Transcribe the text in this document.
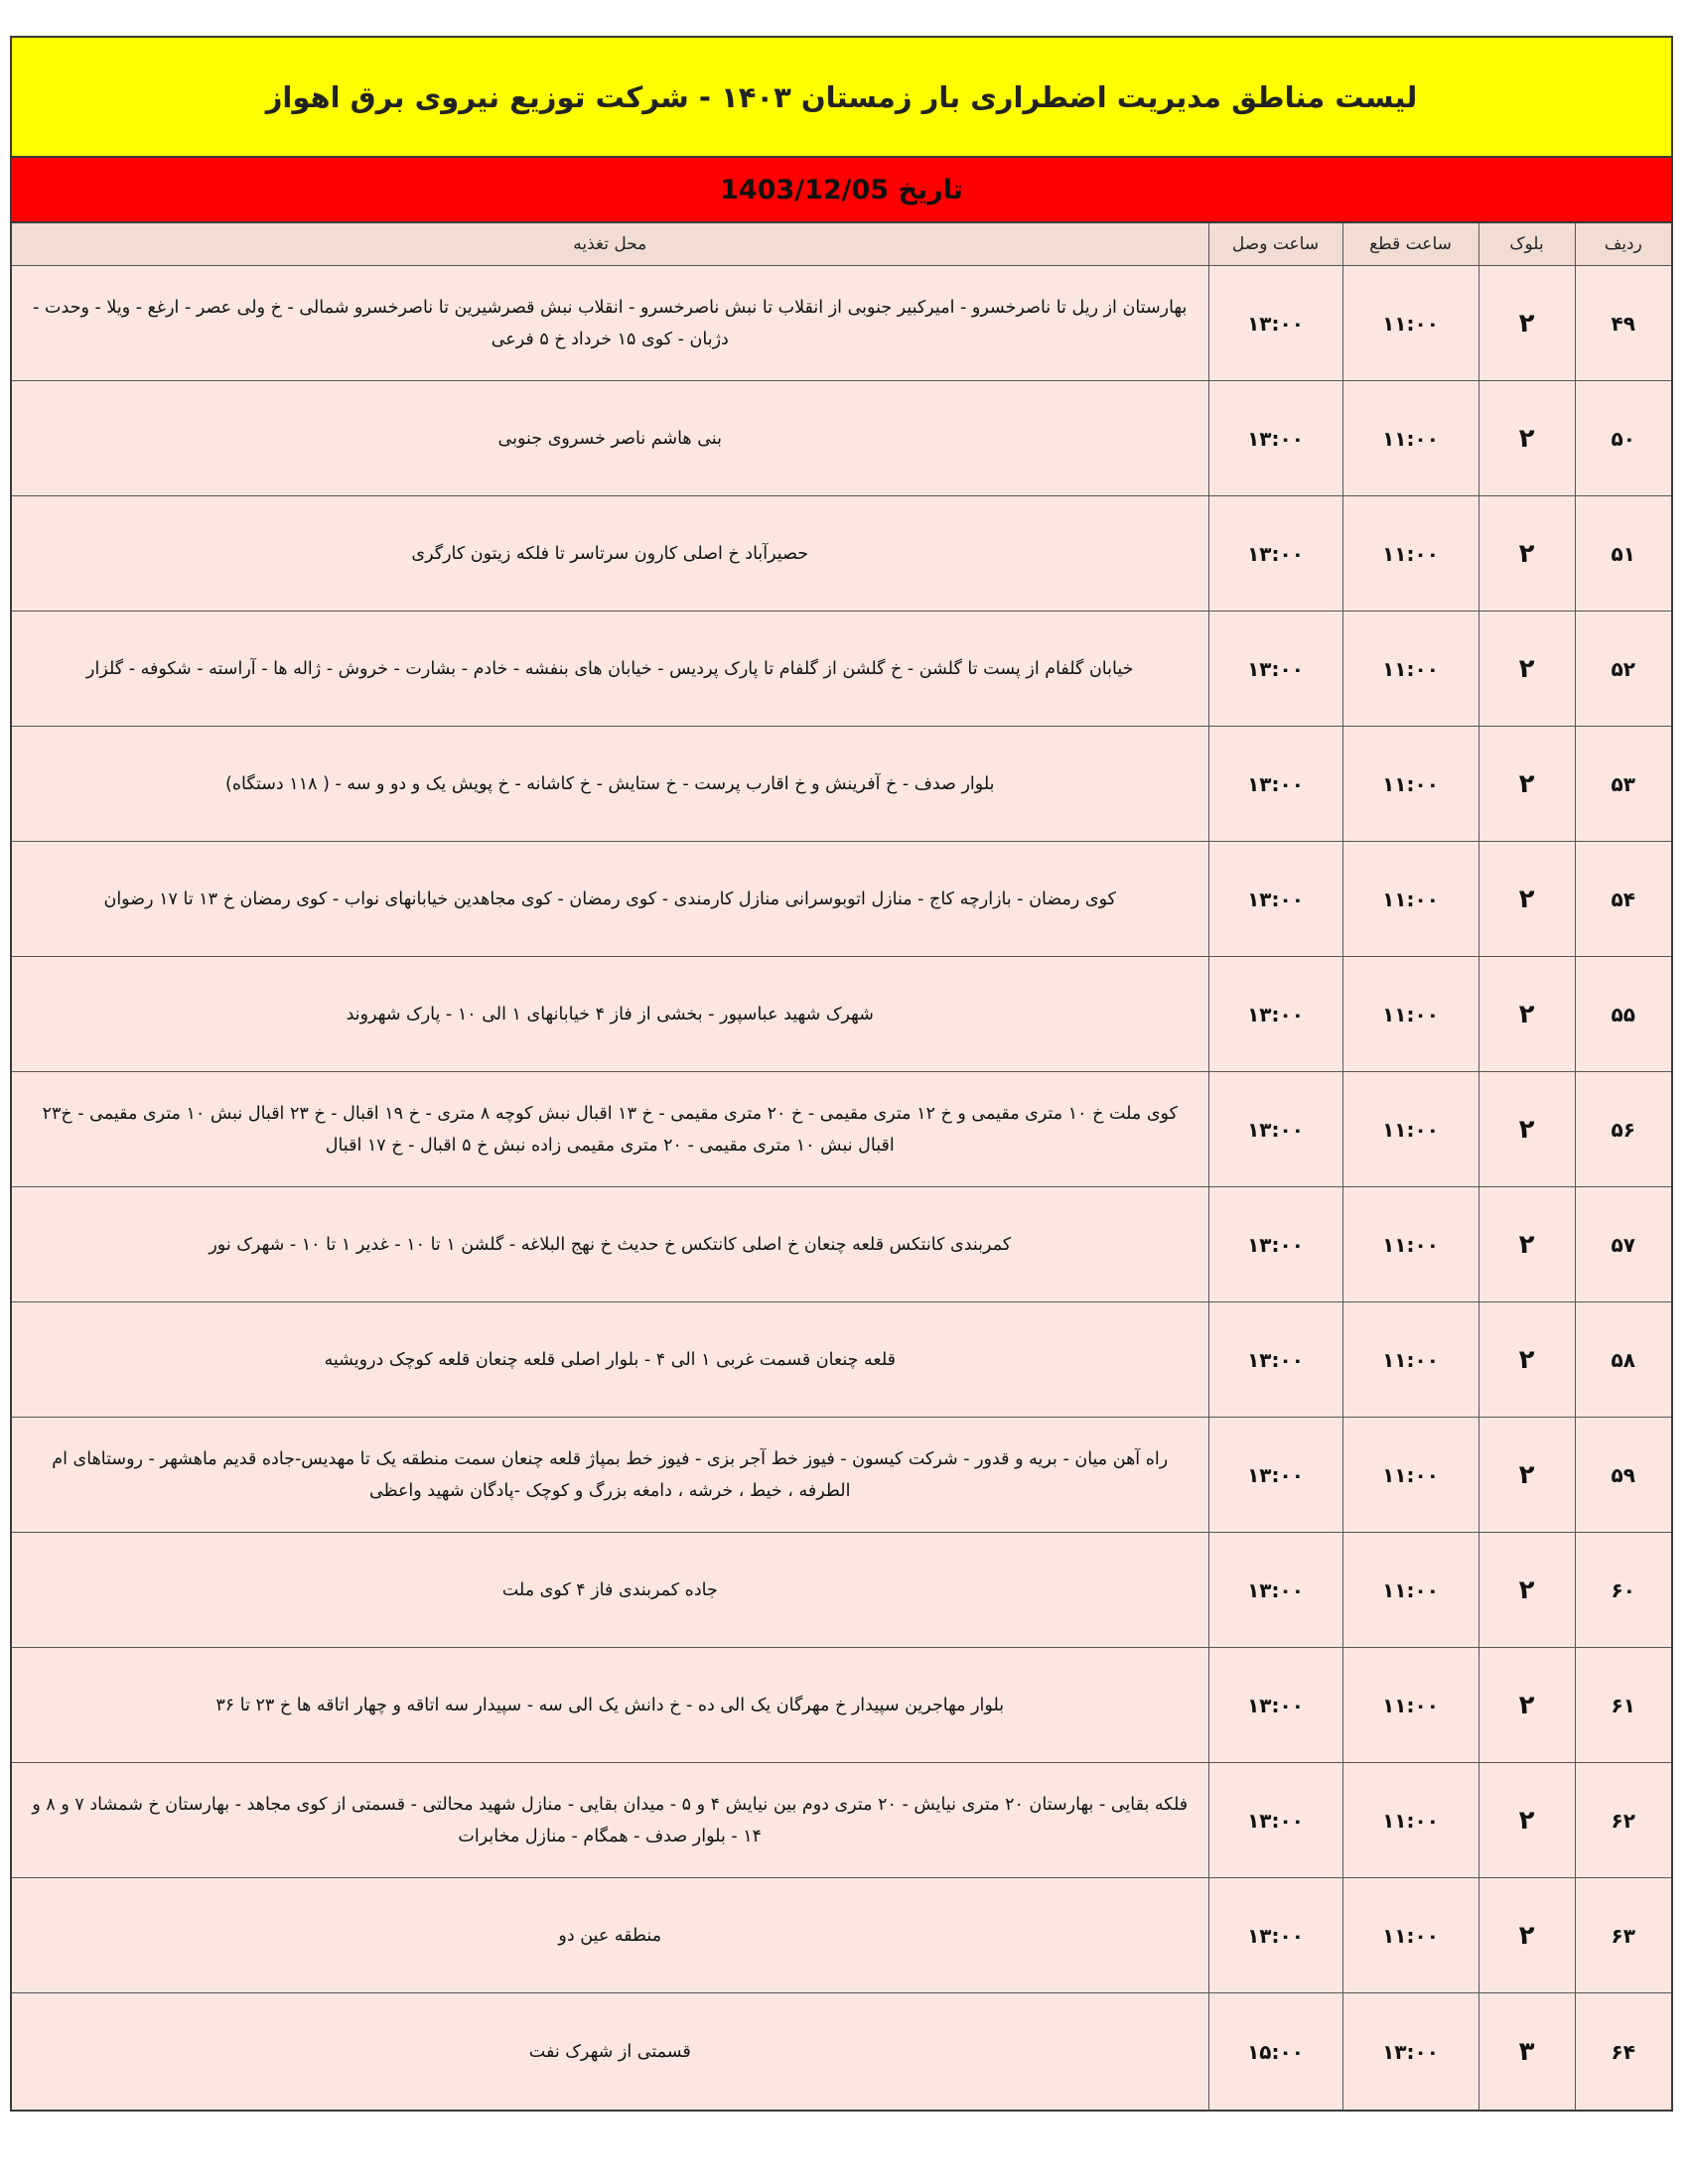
لیست مناطق مدیریت اضطراری بار زمستان ۱۴۰۳ - شرکت توزیع نیروی برق اهواز
تاریخ 1403/12/05
ردیف	بلوک	ساعت قطع	ساعت وصل	محل تغذیه
۴۹	۲	۱۱:۰۰	۱۳:۰۰	بهارستان از ریل تا ناصرخسرو - امیرکبیر جنوبی از انقلاب تا نبش ناصرخسرو - انقلاب نبش قصرشیرین تا ناصرخسرو شمالی - خ ولی عصر - ارغع - ویلا - وحدت - دژبان - کوی ۱۵ خرداد خ ۵ فرعی
۵۰	۲	۱۱:۰۰	۱۳:۰۰	بنی هاشم ناصر خسروی جنوبی
۵۱	۲	۱۱:۰۰	۱۳:۰۰	حصیرآباد خ اصلی کارون سرتاسر تا فلکه زیتون کارگری
۵۲	۲	۱۱:۰۰	۱۳:۰۰	خیابان گلفام از پست تا گلشن - خ گلشن از گلفام تا پارک پردیس - خیابان های بنفشه - خادم - بشارت - خروش - ژاله ها - آراسته - شکوفه - گلزار
۵۳	۲	۱۱:۰۰	۱۳:۰۰	بلوار صدف - خ آفرینش و خ اقارب پرست - خ ستایش - خ کاشانه - خ پویش یک و دو و سه - ( ۱۱۸ دستگاه)
۵۴	۲	۱۱:۰۰	۱۳:۰۰	کوی رمضان - بازارچه کاج - منازل اتوبوسرانی منازل کارمندی - کوی رمضان - کوی مجاهدین خیابانهای نواب - کوی رمضان خ ۱۳ تا ۱۷ رضوان
۵۵	۲	۱۱:۰۰	۱۳:۰۰	شهرک شهید عباسپور - بخشی از فاز ۴ خیابانهای ۱ الی ۱۰ - پارک شهروند
۵۶	۲	۱۱:۰۰	۱۳:۰۰	کوی ملت خ ۱۰ متری مقیمی و خ ۱۲ متری مقیمی - خ ۲۰ متری مقیمی - خ ۱۳ اقبال نبش کوچه ۸ متری - خ ۱۹ اقبال - خ ۲۳ اقبال نبش ۱۰ متری مقیمی - خ۲۳ اقبال نبش ۱۰ متری مقیمی - ۲۰ متری مقیمی زاده نبش خ ۵ اقبال - خ ۱۷ اقبال
۵۷	۲	۱۱:۰۰	۱۳:۰۰	کمربندی کانتکس قلعه چنعان خ اصلی کانتکس خ حدیث خ نهج البلاغه - گلشن ۱ تا ۱۰ - غدیر ۱ تا ۱۰ - شهرک نور
۵۸	۲	۱۱:۰۰	۱۳:۰۰	قلعه چنعان قسمت غربی ۱ الی ۴ - بلوار اصلی قلعه چنعان قلعه کوچک درویشیه
۵۹	۲	۱۱:۰۰	۱۳:۰۰	راه آهن میان - بریه و قدور - شرکت کیسون - فیوز خط آجر بزی - فیوز خط بمپاژ قلعه چنعان سمت منطقه یک تا مهدیس-جاده قدیم ماهشهر - روستاهای ام الطرفه ، خیط ، خرشه ، دامغه بزرگ و کوچک -پادگان شهید واعظی
۶۰	۲	۱۱:۰۰	۱۳:۰۰	جاده کمربندی فاز ۴ کوی ملت
۶۱	۲	۱۱:۰۰	۱۳:۰۰	بلوار مهاجرین سپیدار خ مهرگان یک الی ده - خ دانش یک الی سه - سپیدار سه اتاقه و چهار اتاقه ها خ ۲۳ تا ۳۶
۶۲	۲	۱۱:۰۰	۱۳:۰۰	فلکه بقایی - بهارستان ۲۰ متری نیایش - ۲۰ متری دوم بین نیایش ۴ و ۵ - میدان بقایی - منازل شهید محالتی - قسمتی از کوی مجاهد - بهارستان خ شمشاد ۷ و ۸ و ۱۴ - بلوار صدف - همگام - منازل مخابرات
۶۳	۲	۱۱:۰۰	۱۳:۰۰	منطقه عین دو
۶۴	۳	۱۳:۰۰	۱۵:۰۰	قسمتی از شهرک نفت
